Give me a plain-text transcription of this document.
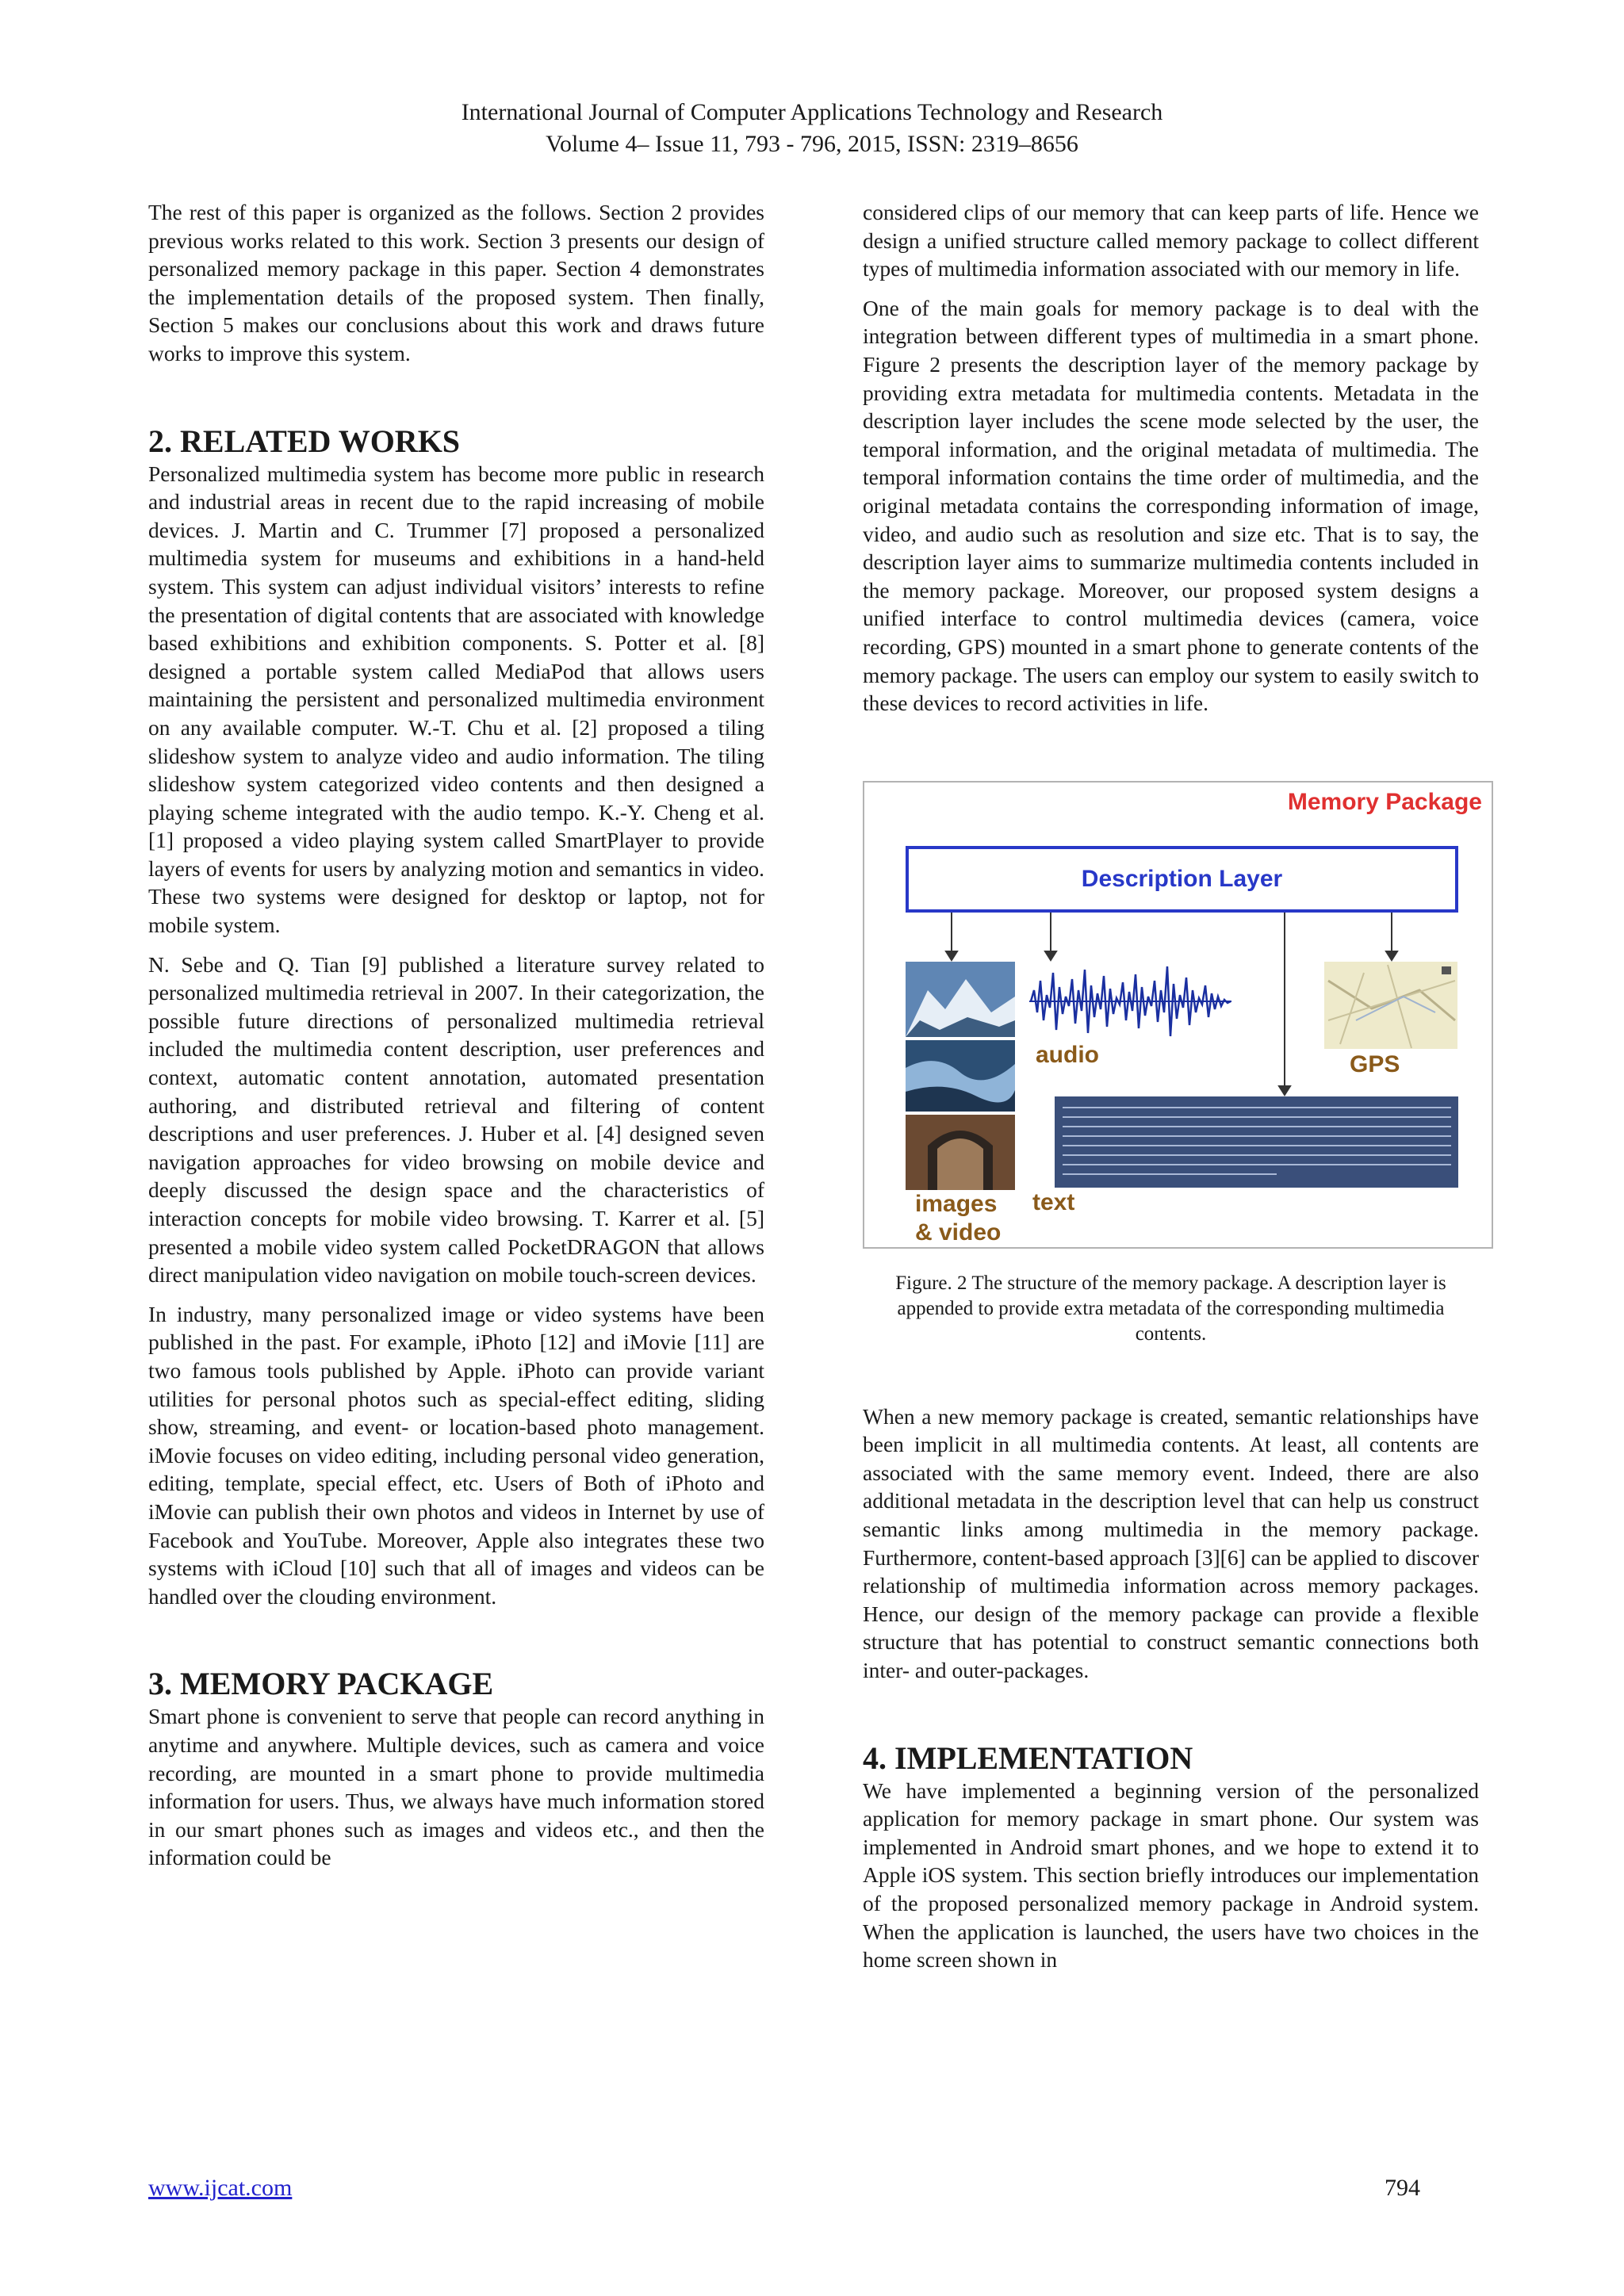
International Journal of Computer Applications Technology and Research
Volume 4– Issue 11, 793 - 796, 2015, ISSN: 2319–8656

The rest of this paper is organized as the follows. Section 2 provides previous works related to this work. Section 3 presents our design of personalized memory package in this paper. Section 4 demonstrates the implementation details of the proposed system. Then finally, Section 5 makes our conclusions about this work and draws future works to improve this system.

2. RELATED WORKS

Personalized multimedia system has become more public in research and industrial areas in recent due to the rapid increasing of mobile devices. J. Martin and C. Trummer [7] proposed a personalized multimedia system for museums and exhibitions in a hand-held system. This system can adjust individual visitors’ interests to refine the presentation of digital contents that are associated with knowledge based exhibitions and exhibition components. S. Potter et al. [8] designed a portable system called MediaPod that allows users maintaining the persistent and personalized multimedia environment on any available computer. W.-T. Chu et al. [2] proposed a tiling slideshow system to analyze video and audio information. The tiling slideshow system categorized video contents and then designed a playing scheme integrated with the audio tempo. K.-Y. Cheng et al. [1] proposed a video playing system called SmartPlayer to provide layers of events for users by analyzing motion and semantics in video. These two systems were designed for desktop or laptop, not for mobile system.

N. Sebe and Q. Tian [9] published a literature survey related to personalized multimedia retrieval in 2007. In their categorization, the possible future directions of personalized multimedia retrieval included the multimedia content description, user preferences and context, automatic content annotation, automated presentation authoring, and distributed retrieval and filtering of content descriptions and user preferences. J. Huber et al. [4] designed seven navigation approaches for video browsing on mobile device and deeply discussed the design space and the characteristics of interaction concepts for mobile video browsing. T. Karrer et al. [5] presented a mobile video system called PocketDRAGON that allows direct manipulation video navigation on mobile touch-screen devices.

In industry, many personalized image or video systems have been published in the past. For example, iPhoto [12] and iMovie [11] are two famous tools published by Apple. iPhoto can provide variant utilities for personal photos such as special-effect editing, sliding show, streaming, and event- or location-based photo management. iMovie focuses on video editing, including personal video generation, editing, template, special effect, etc. Users of Both of iPhoto and iMovie can publish their own photos and videos in Internet by use of Facebook and YouTube. Moreover, Apple also integrates these two systems with iCloud [10] such that all of images and videos can be handled over the clouding environment.

3. MEMORY PACKAGE

Smart phone is convenient to serve that people can record anything in anytime and anywhere. Multiple devices, such as camera and voice recording, are mounted in a smart phone to provide multimedia information for users. Thus, we always have much information stored in our smart phones such as images and videos etc., and then the information could be

considered clips of our memory that can keep parts of life. Hence we design a unified structure called memory package to collect different types of multimedia information associated with our memory in life.

One of the main goals for memory package is to deal with the integration between different types of multimedia in a smart phone. Figure 2 presents the description layer of the memory package by providing extra metadata for multimedia contents. Metadata in the description layer includes the scene mode selected by the user, the temporal information, and the original metadata of multimedia. The temporal information contains the time order of multimedia, and the original metadata contains the corresponding information of image, video, and audio such as resolution and size etc. That is to say, the description layer aims to summarize multimedia contents included in the memory package. Moreover, our proposed system designs a unified interface to control multimedia devices (camera, voice recording, GPS) mounted in a smart phone to generate contents of the memory package. The users can employ our system to easily switch to these devices to record activities in life.

Memory Package
Description Layer
audio	GPS
text
images
& video

Figure. 2 The structure of the memory package. A description layer is appended to provide extra metadata of the corresponding multimedia contents.

When a new memory package is created, semantic relationships have been implicit in all multimedia contents. At least, all contents are associated with the same memory event. Indeed, there are also additional metadata in the description level that can help us construct semantic links among multimedia in the memory package. Furthermore, content-based approach [3][6] can be applied to discover relationship of multimedia information across memory packages. Hence, our design of the memory package can provide a flexible structure that has potential to construct semantic connections both inter- and outer-packages.

4. IMPLEMENTATION

We have implemented a beginning version of the personalized application for memory package in smart phone. Our system was implemented in Android smart phones, and we hope to extend it to Apple iOS system. This section briefly introduces our implementation of the proposed personalized memory package in Android system. When the application is launched, the users have two choices in the home screen shown in

www.ijcat.com	794
